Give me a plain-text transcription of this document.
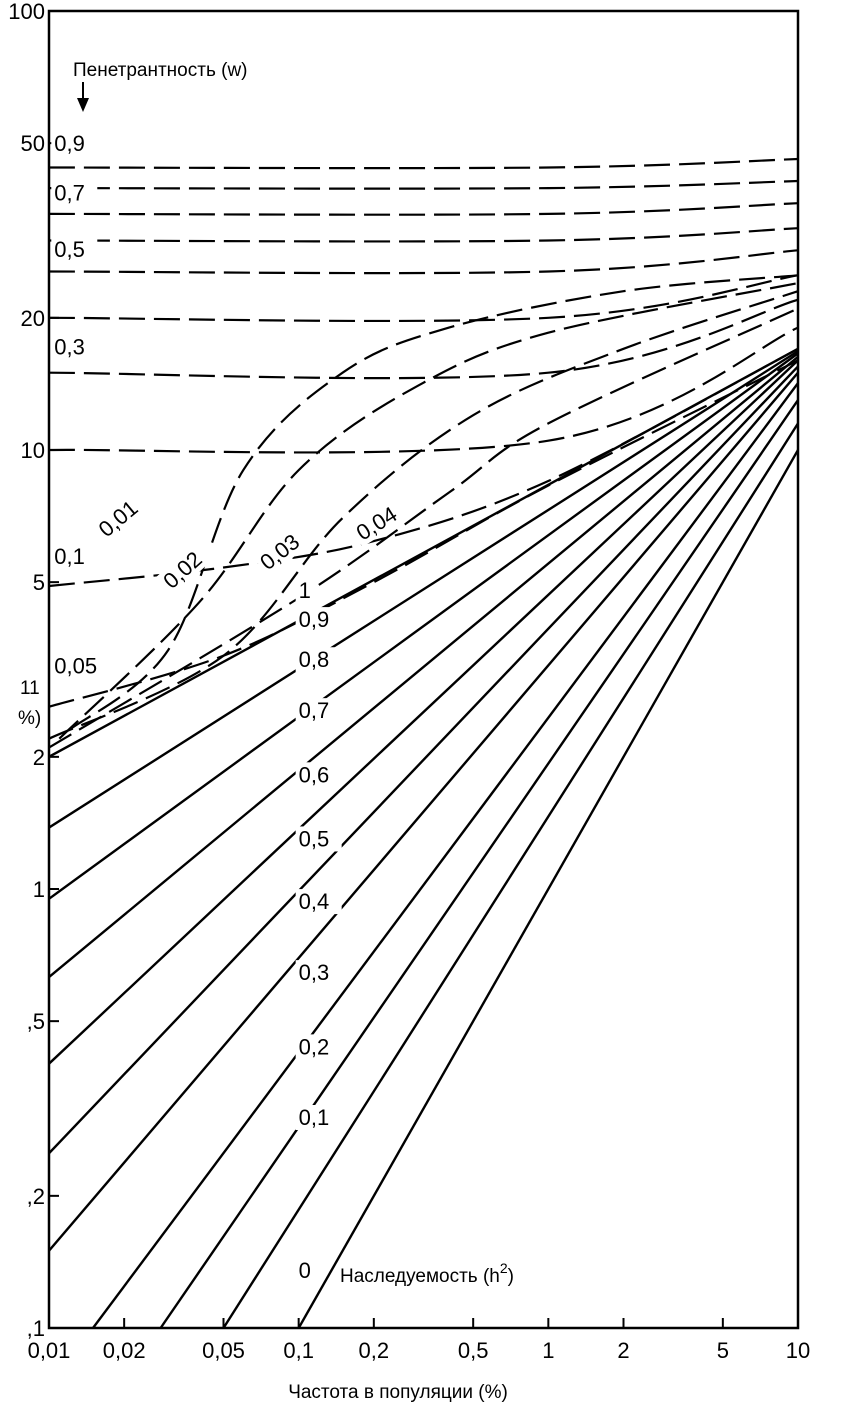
0,01 0,02	0,05 0,1 0,2	0,5 1	2	5	10
100
50
20
10
5
2
1
,5
,2
,1
0
0,1
0,2
0,3
0,4
0,5
0,6
0,7
0,8
0,9
1
0,9
0,7
0,5
0,3
0,1
0,05
0,01
0,02 0,03
0,04
Пенетрантность (w)
Наследуемость $(h^2)$
11
%)
Частота в популяции (%)
